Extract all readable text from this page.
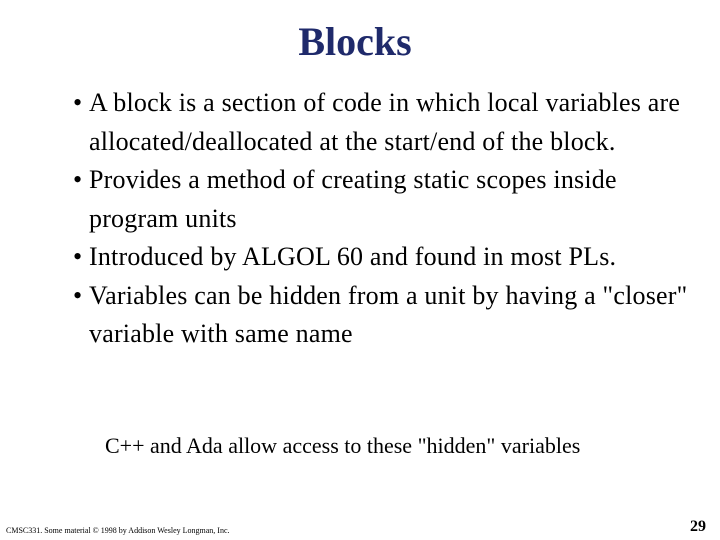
Blocks
• A block is a section of code in which local variables are allocated/deallocated at the start/end of the block.
• Provides a method of creating static scopes inside program units
• Introduced by ALGOL 60 and found in most PLs.
• Variables can be hidden from a unit by having a "closer" variable with same name
C++ and Ada allow access to these "hidden" variables
CMSC331. Some material © 1998 by Addison Wesley Longman, Inc.	29
